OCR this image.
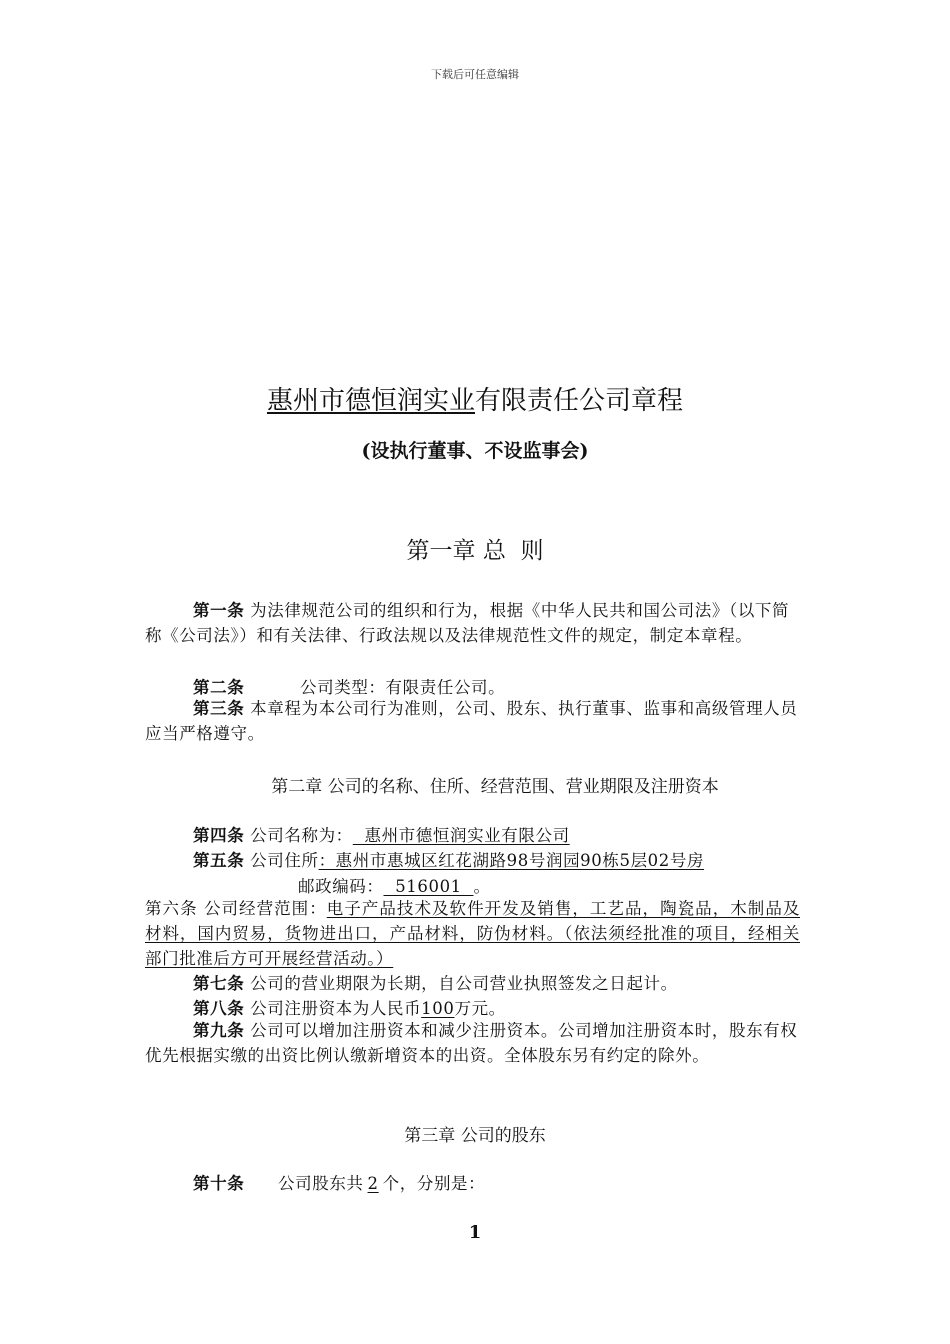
下载后可任意编辑
惠州市德恒润实业有限责任公司章程
(设执行董事、不设监事会)
第一章 总  则
第一条 为法律规范公司的组织和行为，根据《中华人民共和国公司法》（以下简称《公司法》）和有关法律、行政法规以及法律规范性文件的规定，制定本章程。
第二条	公司类型：有限责任公司。
第三条 本章程为本公司行为准则，公司、股东、执行董事、监事和高级管理人员应当严格遵守。
第二章 公司的名称、住所、经营范围、营业期限及注册资本
第四条 公司名称为：  惠州市德恒润实业有限公司
第五条 公司住所：惠州市惠城区红花湖路98号润园90栋5层02号房
邮政编码：  516001  。
第六条 公司经营范围：电子产品技术及软件开发及销售，工艺品，陶瓷品，木制品及材料，国内贸易，货物进出口，产品材料，防伪材料。（依法须经批准的项目，经相关部门批准后方可开展经营活动。）
第七条 公司的营业期限为长期，自公司营业执照签发之日起计。
第八条 公司注册资本为人民币100万元。
第九条 公司可以增加注册资本和减少注册资本。公司增加注册资本时，股东有权优先根据实缴的出资比例认缴新增资本的出资。全体股东另有约定的除外。
第三章 公司的股东
第十条 公司股东共 2 个，分别是：
1
